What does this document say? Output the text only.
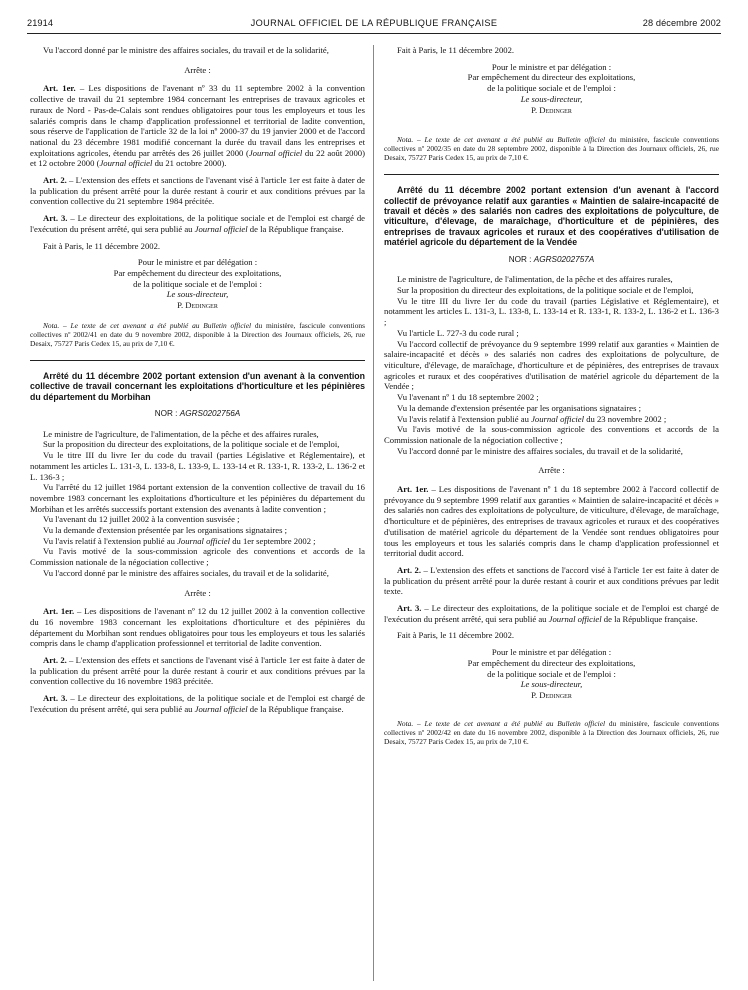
21914	JOURNAL OFFICIEL DE LA RÉPUBLIQUE FRANÇAISE	28 décembre 2002

Vu l'accord donné par le ministre des affaires sociales, du travail et de la solidarité,

Arrête :

Art. 1er. – Les dispositions de l'avenant nº 33 du 11 septembre 2002 à la convention collective de travail du 21 septembre 1984 concernant les entreprises de travaux agricoles et ruraux de Nord - Pas-de-Calais sont rendues obligatoires pour tous les employeurs et tous les salariés compris dans le champ d'application professionnel et territorial de ladite convention, sous réserve de l'application de l'article 32 de la loi nº 2000-37 du 19 janvier 2000 et de l'accord national du 23 décembre 1981 modifié concernant la durée du travail dans les entreprises et exploitations agricoles, étendu par arrêtés des 26 juillet 2000 (Journal officiel du 22 août 2000) et 12 octobre 2000 (Journal officiel du 21 octobre 2000).

Art. 2. – L'extension des effets et sanctions de l'avenant visé à l'article 1er est faite à dater de la publication du présent arrêté pour la durée restant à courir et aux conditions prévues par la convention collective du 21 septembre 1984 précitée.

Art. 3. – Le directeur des exploitations, de la politique sociale et de l'emploi est chargé de l'exécution du présent arrêté, qui sera publié au Journal officiel de la République française.

Fait à Paris, le 11 décembre 2002.

Pour le ministre et par délégation :
Par empêchement du directeur des exploitations,
de la politique sociale et de l'emploi :
Le sous-directeur,
P. Dedinger

Nota. – Le texte de cet avenant a été publié au Bulletin officiel du ministère, fascicule conventions collectives nº 2002/41 en date du 9 novembre 2002, disponible à la Direction des Journaux officiels, 26, rue Desaix, 75727 Paris Cedex 15, au prix de 7,10 €.

Arrêté du 11 décembre 2002 portant extension d'un avenant à la convention collective de travail concernant les exploitations d'horticulture et les pépinières du département du Morbihan

NOR : AGRS0202756A

Le ministre de l'agriculture, de l'alimentation, de la pêche et des affaires rurales,

Sur la proposition du directeur des exploitations, de la politique sociale et de l'emploi,

Vu le titre III du livre Ier du code du travail (parties Législative et Réglementaire), et notamment les articles L. 131-3, L. 133-8, L. 133-9, L. 133-14 et R. 133-1, R. 133-2, L. 136-2 et L. 136-3 ;

Vu l'arrêté du 12 juillet 1984 portant extension de la convention collective de travail du 16 novembre 1983 concernant les exploitations d'horticulture et les pépinières du département du Morbihan et les arrêtés successifs portant extension des avenants à ladite convention ;

Vu l'avenant du 12 juillet 2002 à la convention susvisée ;

Vu la demande d'extension présentée par les organisations signataires ;

Vu l'avis relatif à l'extension publié au Journal officiel du 1er septembre 2002 ;

Vu l'avis motivé de la sous-commission agricole des conventions et accords de la Commission nationale de la négociation collective ;

Vu l'accord donné par le ministre des affaires sociales, du travail et de la solidarité,

Arrête :

Art. 1er. – Les dispositions de l'avenant nº 12 du 12 juillet 2002 à la convention collective du 16 novembre 1983 concernant les exploitations d'horticulture et des pépinières du département du Morbihan sont rendues obligatoires pour tous les employeurs et tous les salariés compris dans le champ d'application professionnel et territorial de ladite convention.

Art. 2. – L'extension des effets et sanctions de l'avenant visé à l'article 1er est faite à dater de la publication du présent arrêté pour la durée restant à courir et aux conditions prévues par la convention collective du 16 novembre 1983 précitée.

Art. 3. – Le directeur des exploitations, de la politique sociale et de l'emploi est chargé de l'exécution du présent arrêté, qui sera publié au Journal officiel de la République française.

Fait à Paris, le 11 décembre 2002.

Pour le ministre et par délégation :
Par empêchement du directeur des exploitations,
de la politique sociale et de l'emploi :
Le sous-directeur,
P. Dedinger

Nota. – Le texte de cet avenant a été publié au Bulletin officiel du ministère, fascicule conventions collectives nº 2002/35 en date du 28 septembre 2002, disponible à la Direction des Journaux officiels, 26, rue Desaix, 75727 Paris Cedex 15, au prix de 7,10 €.

Arrêté du 11 décembre 2002 portant extension d'un avenant à l'accord collectif de prévoyance relatif aux garanties « Maintien de salaire-incapacité de travail et décès » des salariés non cadres des exploitations de polyculture, de viticulture, d'élevage, de maraîchage, d'horticulture et de pépinières, des entreprises de travaux agricoles et ruraux et des coopératives d'utilisation de matériel agricole du département de la Vendée

NOR : AGRS0202757A

Le ministre de l'agriculture, de l'alimentation, de la pêche et des affaires rurales,

Sur la proposition du directeur des exploitations, de la politique sociale et de l'emploi,

Vu le titre III du livre Ier du code du travail (parties Législative et Réglementaire), et notamment les articles L. 131-3, L. 133-8, L. 133-14 et R. 133-1, R. 133-2, L. 136-2 et L. 136-3 ;

Vu l'article L. 727-3 du code rural ;

Vu l'accord collectif de prévoyance du 9 septembre 1999 relatif aux garanties « Maintien de salaire-incapacité et décès » des salariés non cadres des exploitations de polyculture, de viticulture, d'élevage, de maraîchage, d'horticulture et de pépinières, des entreprises de travaux agricoles et ruraux et des coopératives d'utilisation de matériel agricole du département de la Vendée ;

Vu l'avenant nº 1 du 18 septembre 2002 ;

Vu la demande d'extension présentée par les organisations signataires ;

Vu l'avis relatif à l'extension publié au Journal officiel du 23 novembre 2002 ;

Vu l'avis motivé de la sous-commission agricole des conventions et accords de la Commission nationale de la négociation collective ;

Vu l'accord donné par le ministre des affaires sociales, du travail et de la solidarité,

Arrête :

Art. 1er. – Les dispositions de l'avenant nº 1 du 18 septembre 2002 à l'accord collectif de prévoyance du 9 septembre 1999 relatif aux garanties « Maintien de salaire-incapacité et décès » des salariés non cadres des exploitations de polyculture, de viticulture, d'élevage, de maraîchage, d'horticulture et de pépinières, des entreprises de travaux agricoles et ruraux et des coopératives d'utilisation de matériel agricole du département de la Vendée sont rendues obligatoires pour tous les employeurs et tous les salariés compris dans le champ d'application professionnel et territorial dudit accord.

Art. 2. – L'extension des effets et sanctions de l'accord visé à l'article 1er est faite à dater de la publication du présent arrêté pour la durée restant à courir et aux conditions prévues par ledit texte.

Art. 3. – Le directeur des exploitations, de la politique sociale et de l'emploi est chargé de l'exécution du présent arrêté, qui sera publié au Journal officiel de la République française.

Fait à Paris, le 11 décembre 2002.

Pour le ministre et par délégation :
Par empêchement du directeur des exploitations,
de la politique sociale et de l'emploi :
Le sous-directeur,
P. Dedinger

Nota. – Le texte de cet avenant a été publié au Bulletin officiel du ministère, fascicule conventions collectives nº 2002/42 en date du 16 novembre 2002, disponible à la Direction des Journaux officiels, 26, rue Desaix, 75727 Paris Cedex 15, au prix de 7,10 €.
